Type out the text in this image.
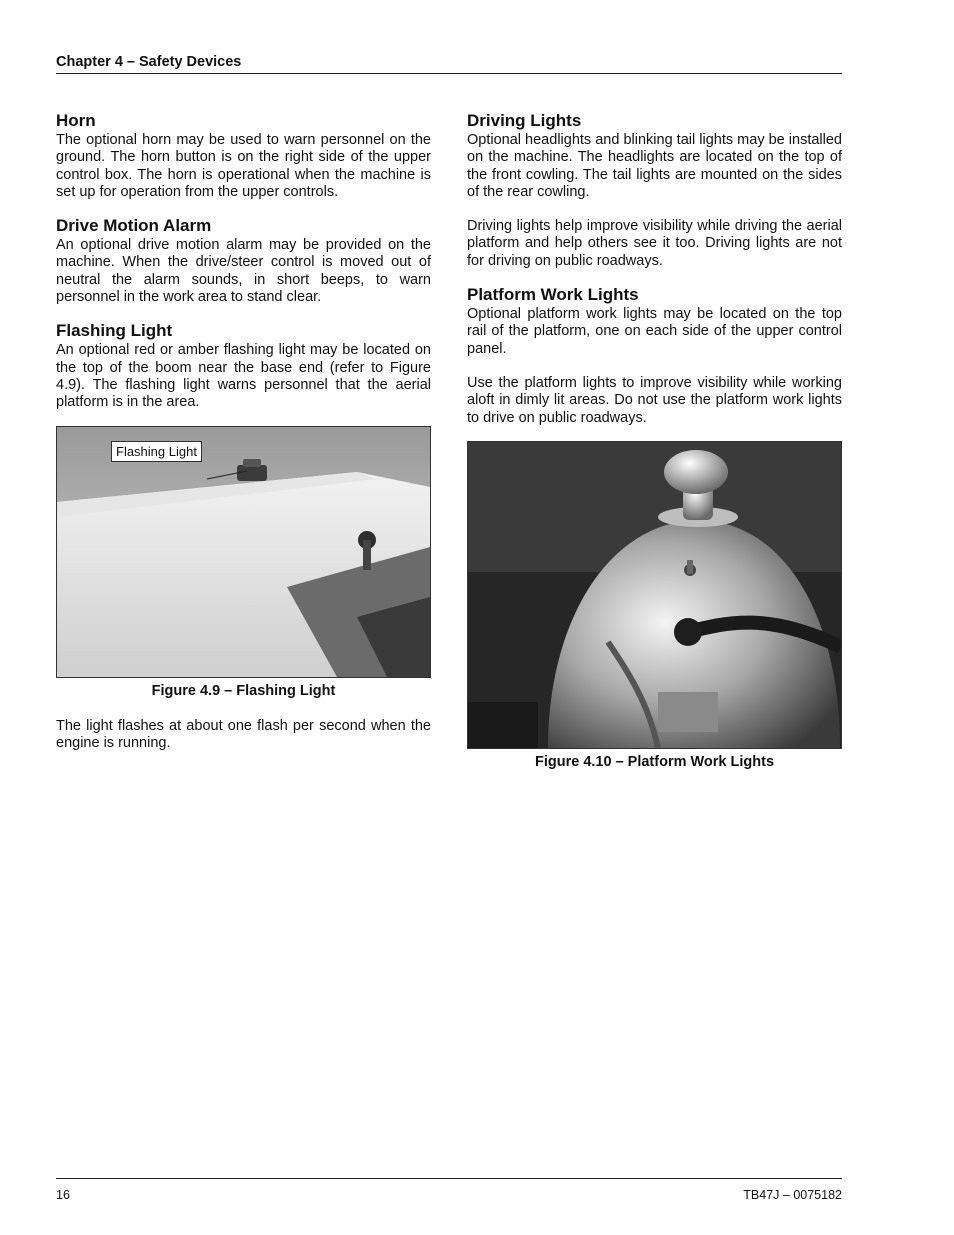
Chapter 4 – Safety Devices
Horn

The optional horn may be used to warn personnel on the ground. The horn button is on the right side of the upper control box. The horn is operational when the machine is set up for operation from the upper controls.

Drive Motion Alarm

An optional drive motion alarm may be provided on the machine. When the drive/steer control is moved out of neutral the alarm sounds, in short beeps, to warn personnel in the work area to stand clear.

Flashing Light

An optional red or amber flashing light may be located on the top of the boom near the base end (refer to Figure 4.9). The flashing light warns personnel that the aerial platform is in the area.

Flashing Light
Figure 4.9 – Flashing Light

The light flashes at about one flash per second when the engine is running.

Driving Lights

Optional headlights and blinking tail lights may be installed on the machine. The headlights are located on the top of the front cowling. The tail lights are mounted on the sides of the rear cowling.

Driving lights help improve visibility while driving the aerial platform and help others see it too. Driving lights are not for driving on public roadways.

Platform Work Lights

Optional platform work lights may be located on the top rail of the platform, one on each side of the upper control panel.

Use the platform lights to improve visibility while working aloft in dimly lit areas. Do not use the platform work lights to drive on public roadways.

Figure 4.10 – Platform Work Lights
16	TB47J – 0075182
